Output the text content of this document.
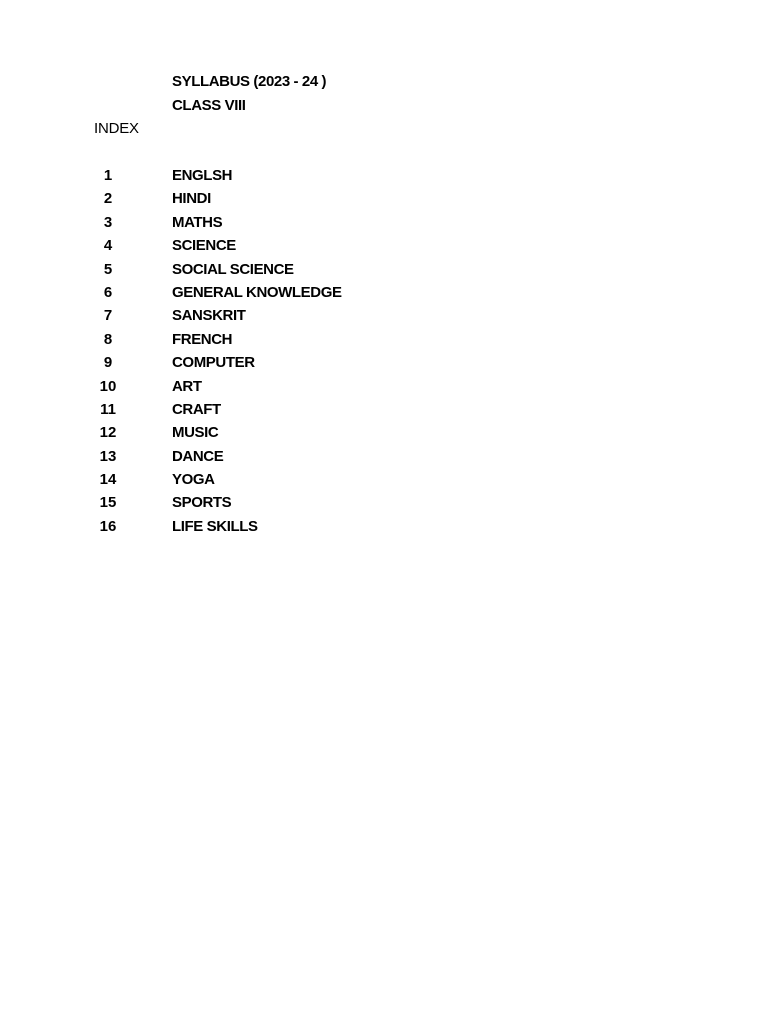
SYLLABUS (2023 - 24 )
CLASS VIII
INDEX
1	ENGLSH
2	HINDI
3	MATHS
4	SCIENCE
5	SOCIAL SCIENCE
6	GENERAL KNOWLEDGE
7	SANSKRIT
8	FRENCH
9	COMPUTER
10	ART
11	CRAFT
12	MUSIC
13	DANCE
14	YOGA
15	SPORTS
16	LIFE SKILLS
